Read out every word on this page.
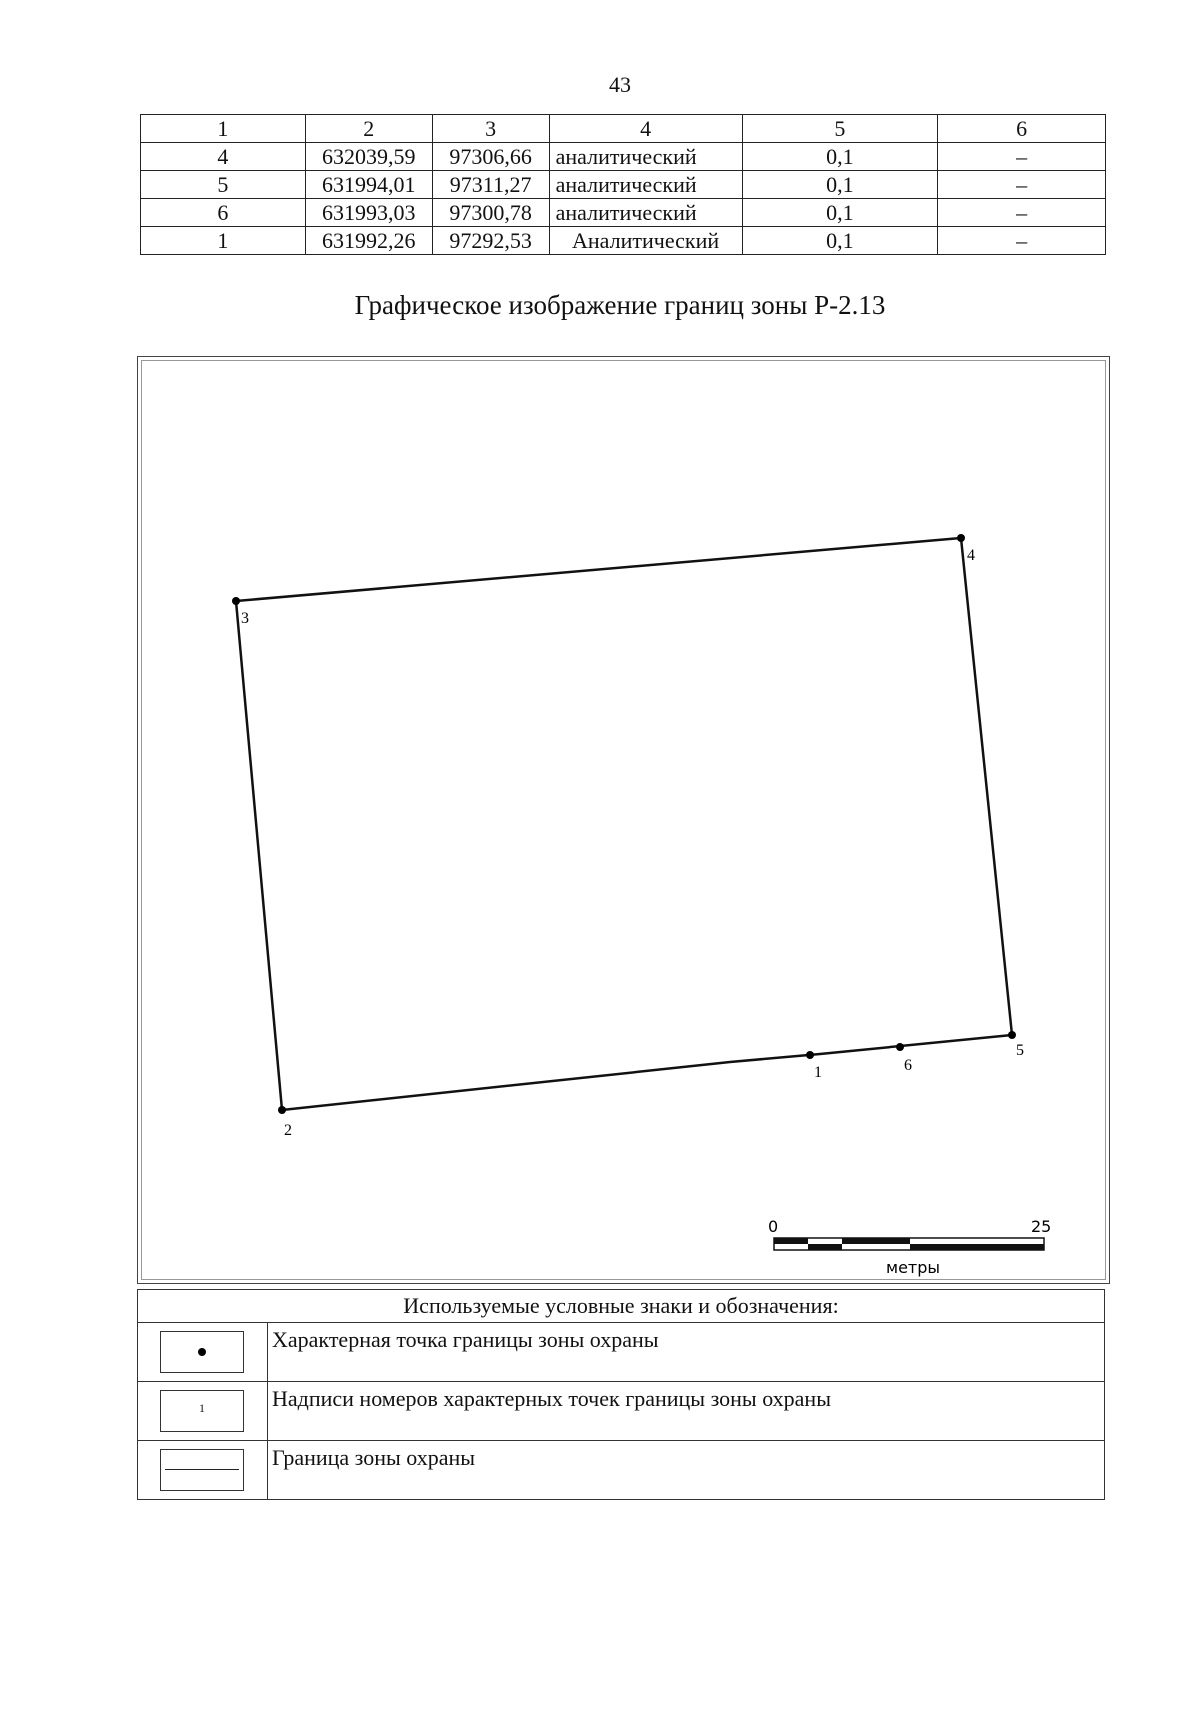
43
1	2	3	4	5	6
4	632039,59	97306,66	аналитический	0,1	–
5	631994,01	97311,27	аналитический	0,1	–
6	631993,03	97300,78	аналитический	0,1	–
1	631992,26	97292,53	Аналитический	0,1	–
Графическое изображение границ зоны Р-2.13
3
4
5
6
1
2
0	25
метры
Используемые условные знаки и обозначения:	

	Характерная точка границы зоны охраны

1	Надписи номеров характерных точек границы зоны охраны

	Граница зоны охраны
